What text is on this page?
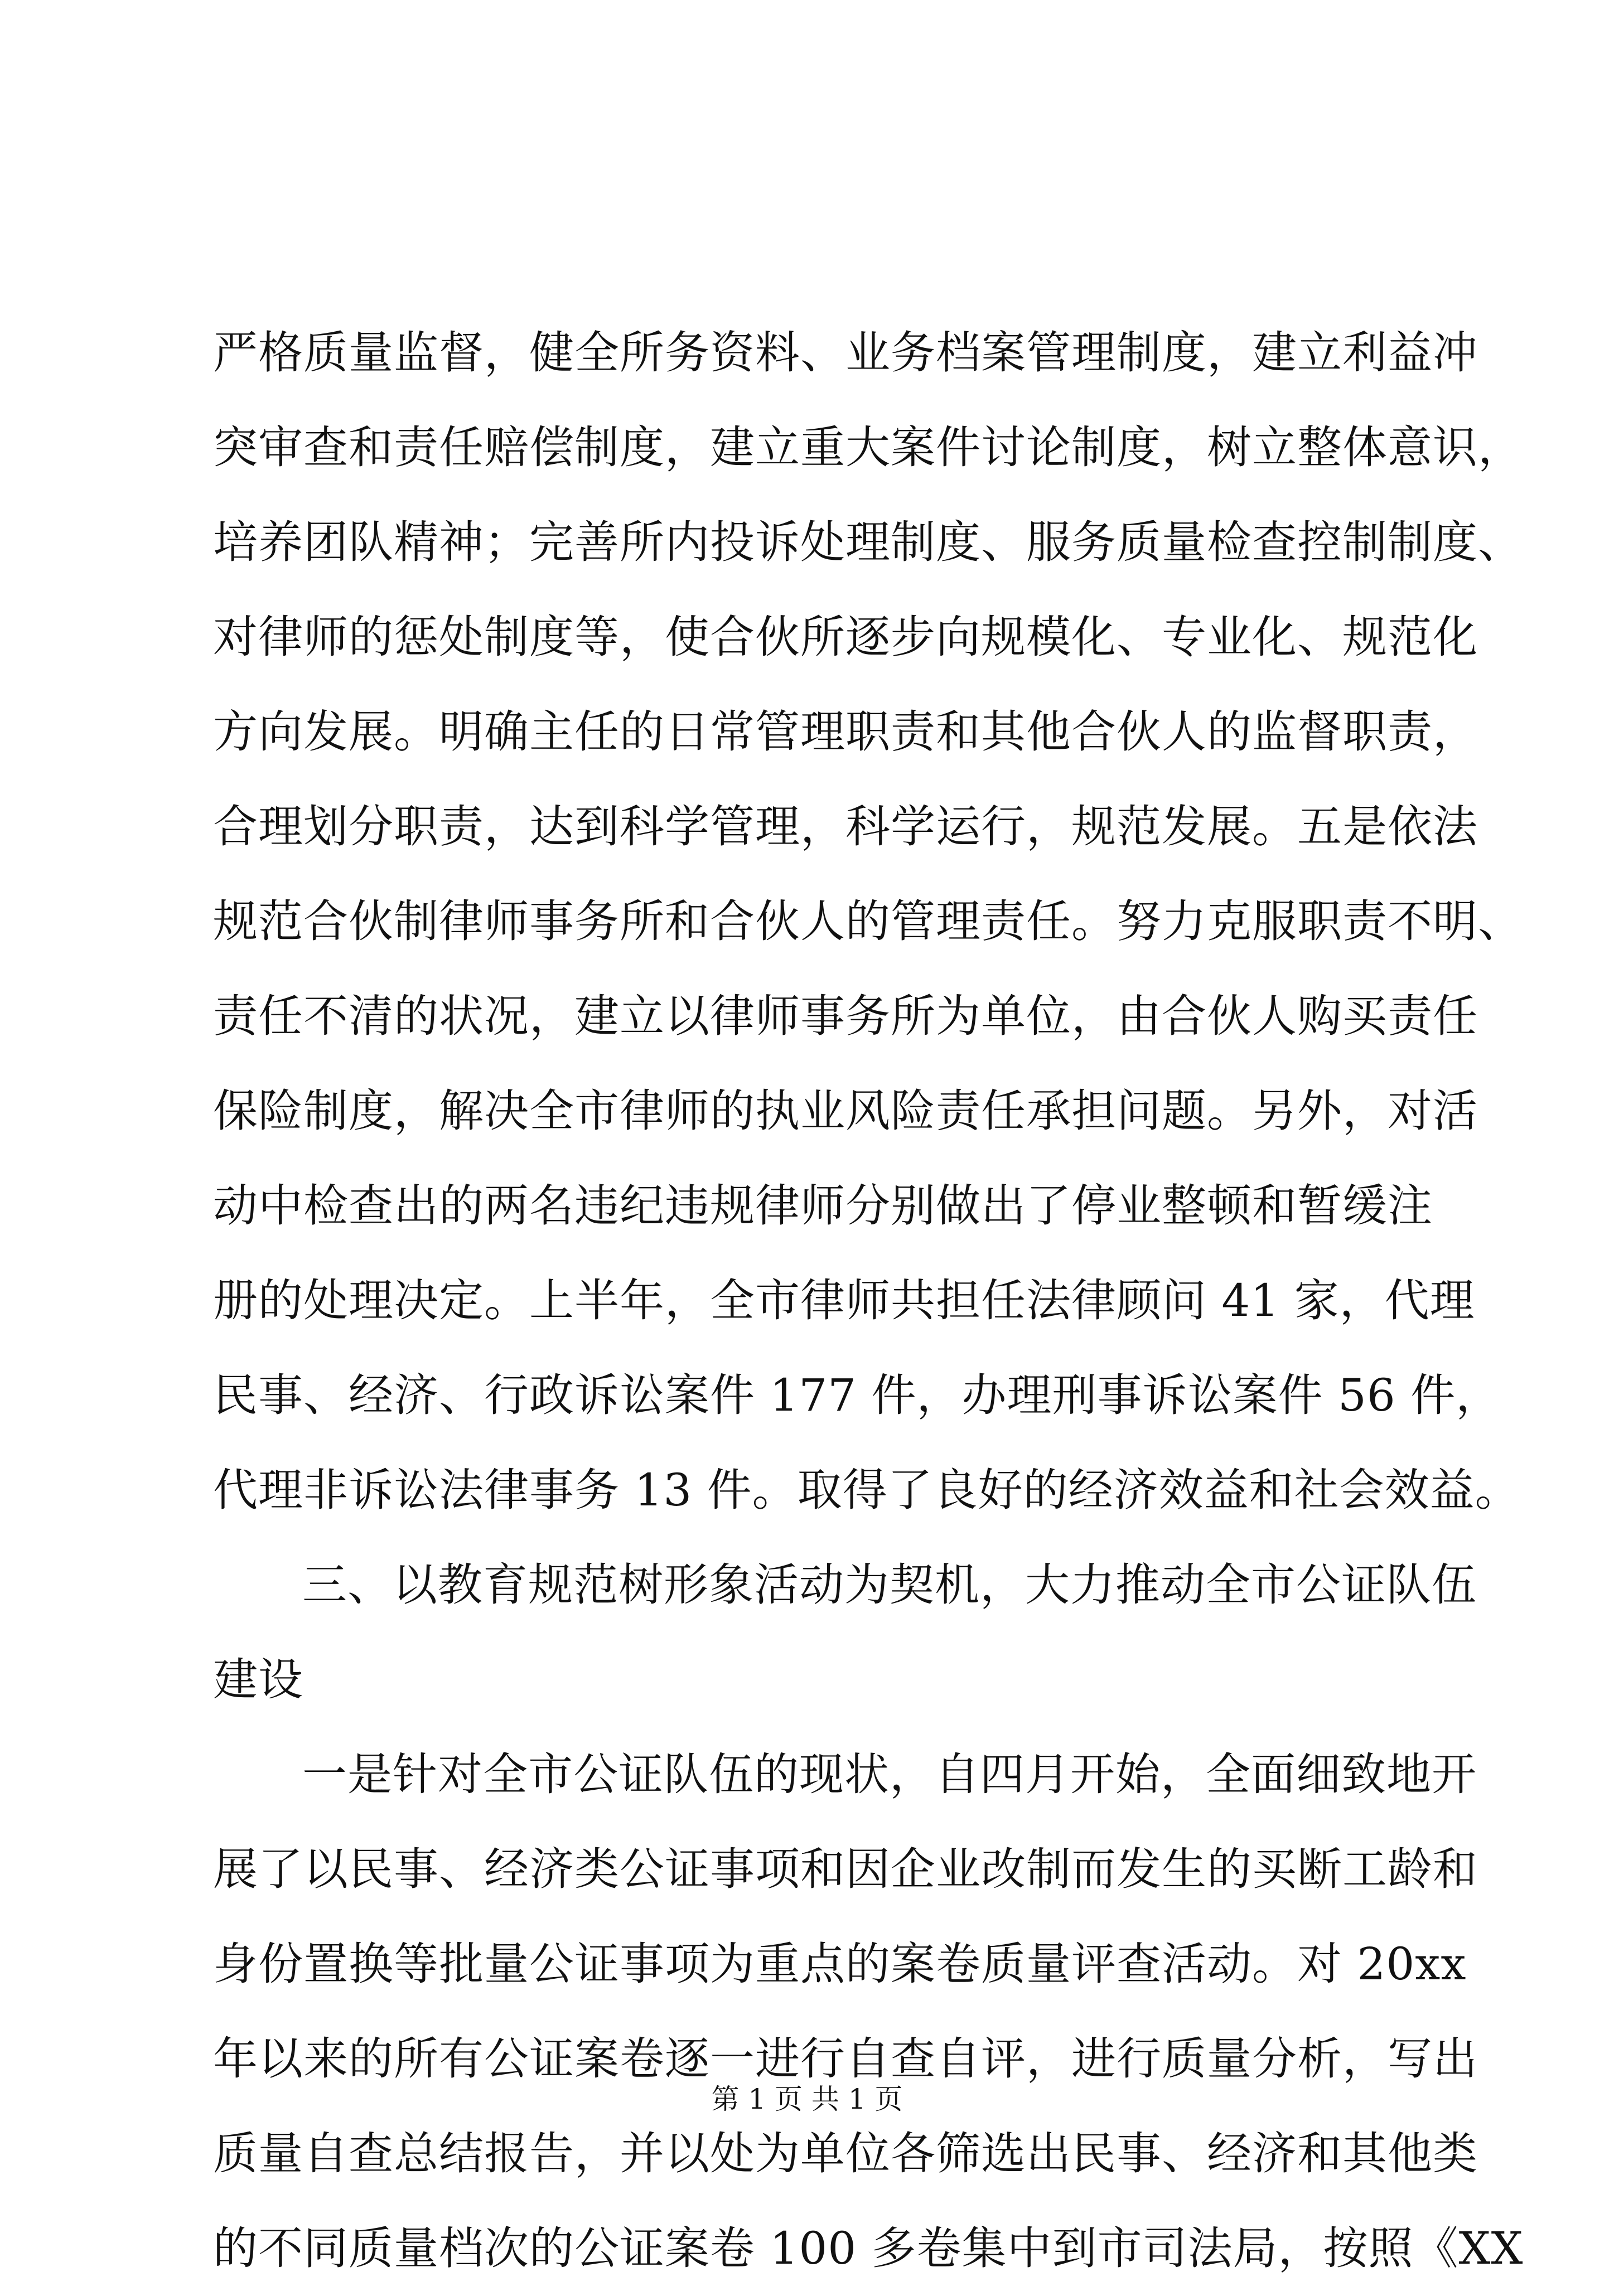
严格质量监督，健全所务资料、业务档案管理制度，建立利益冲
突审查和责任赔偿制度，建立重大案件讨论制度，树立整体意识，
培养团队精神；完善所内投诉处理制度、服务质量检查控制制度、
对律师的惩处制度等，使合伙所逐步向规模化、专业化、规范化
方向发展。明确主任的日常管理职责和其他合伙人的监督职责，
合理划分职责，达到科学管理，科学运行，规范发展。五是依法
规范合伙制律师事务所和合伙人的管理责任。努力克服职责不明、
责任不清的状况，建立以律师事务所为单位，由合伙人购买责任
保险制度，解决全市律师的执业风险责任承担问题。另外，对活
动中检查出的两名违纪违规律师分别做出了停业整顿和暂缓注
册的处理决定。上半年，全市律师共担任法律顾问 41 家，代理
民事、经济、行政诉讼案件 177 件，办理刑事诉讼案件 56 件，
代理非诉讼法律事务 13 件。取得了良好的经济效益和社会效益。
三、以教育规范树形象活动为契机，大力推动全市公证队伍
建设
一是针对全市公证队伍的现状，自四月开始，全面细致地开
展了以民事、经济类公证事项和因企业改制而发生的买断工龄和
身份置换等批量公证事项为重点的案卷质量评查活动。对 20xx
年以来的所有公证案卷逐一进行自查自评，进行质量分析，写出
质量自查总结报告，并以处为单位各筛选出民事、经济和其他类
的不同质量档次的公证案卷 100 多卷集中到市司法局，按照《XX
第 1 页 共 1 页
